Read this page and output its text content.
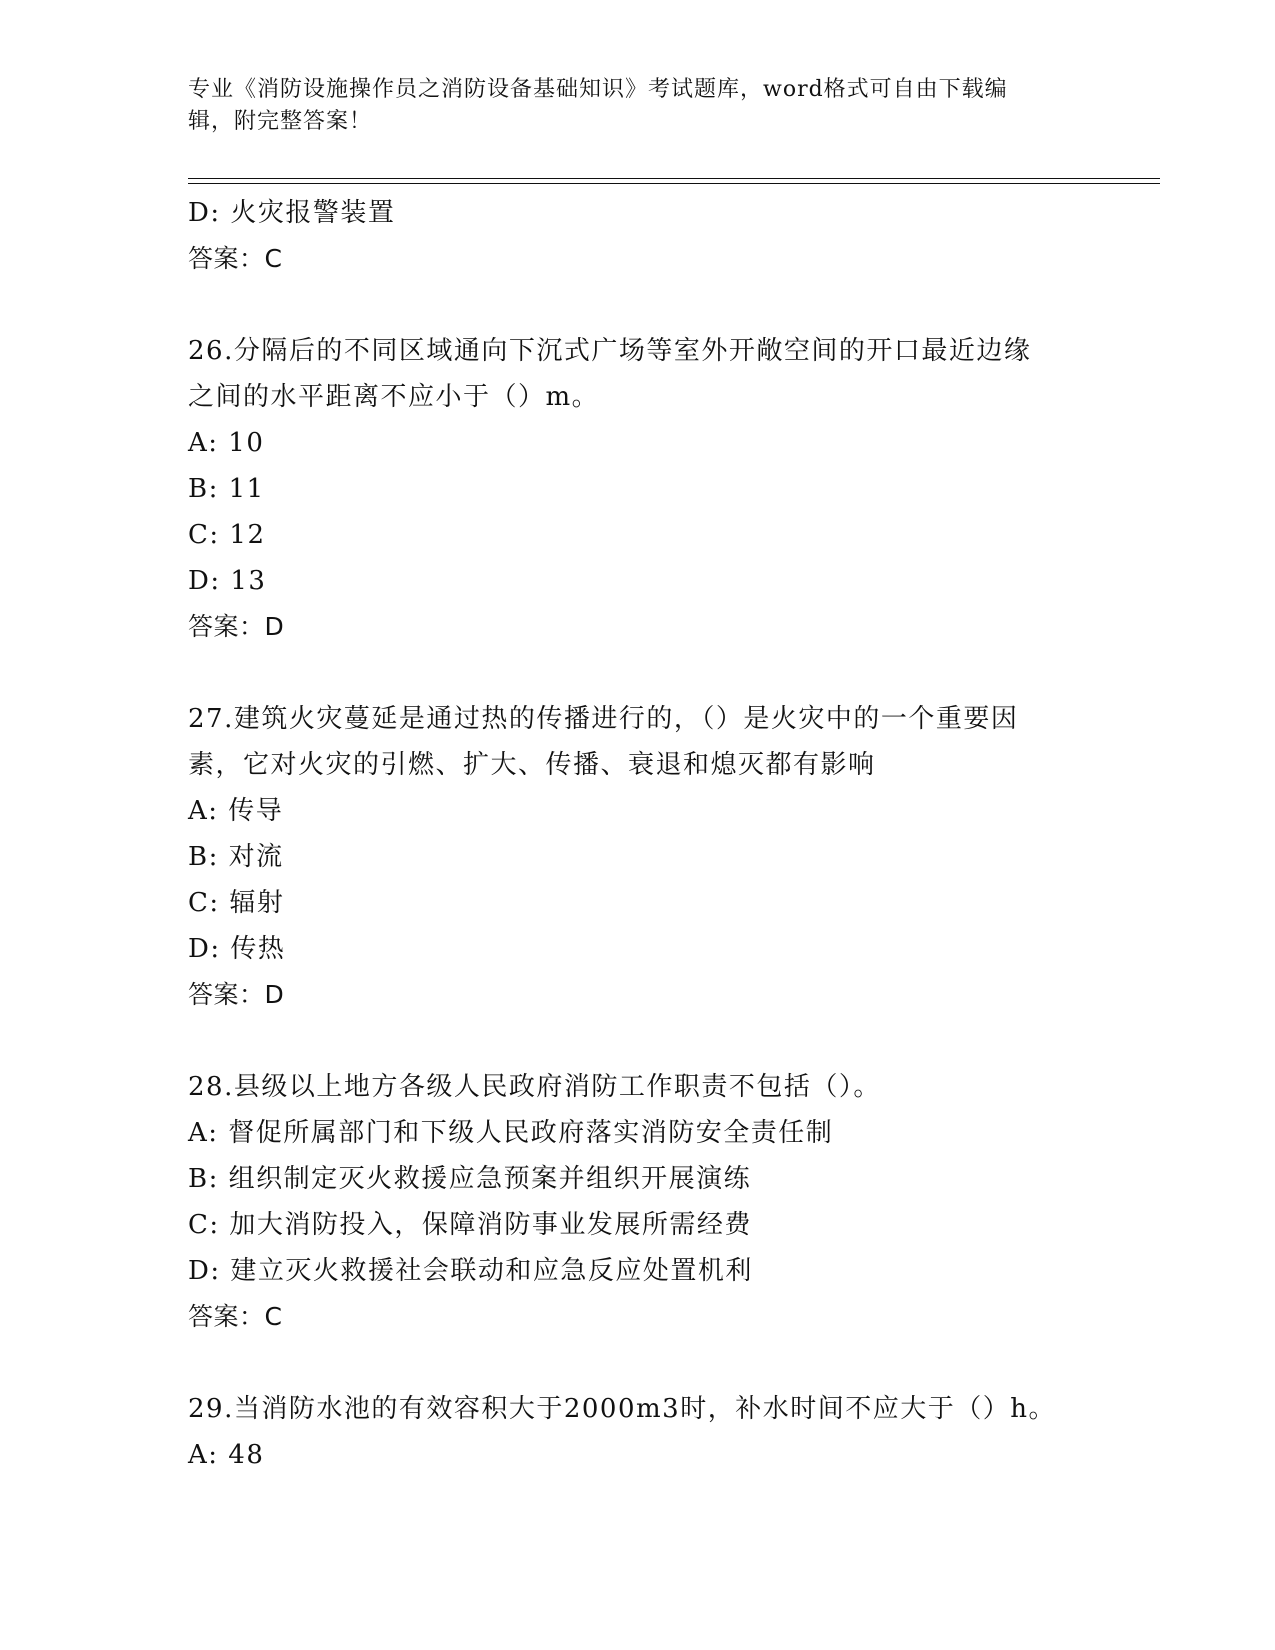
专业《消防设施操作员之消防设备基础知识》考试题库，word格式可自由下载编
辑，附完整答案！
D: 火灾报警装置
答案：C
26.分隔后的不同区域通向下沉式广场等室外开敞空间的开口最近边缘
之间的水平距离不应小于（）m。
A: 10
B: 11
C: 12
D: 13
答案：D
27.建筑火灾蔓延是通过热的传播进行的，（）是火灾中的一个重要因
素，它对火灾的引燃、扩大、传播、衰退和熄灭都有影响
A: 传导
B: 对流
C: 辐射
D: 传热
答案：D
28.县级以上地方各级人民政府消防工作职责不包括（）。
A: 督促所属部门和下级人民政府落实消防安全责任制
B: 组织制定灭火救援应急预案并组织开展演练
C: 加大消防投入，保障消防事业发展所需经费
D: 建立灭火救援社会联动和应急反应处置机利
答案：C
29.当消防水池的有效容积大于2000m3时，补水时间不应大于（）h。
A: 48
